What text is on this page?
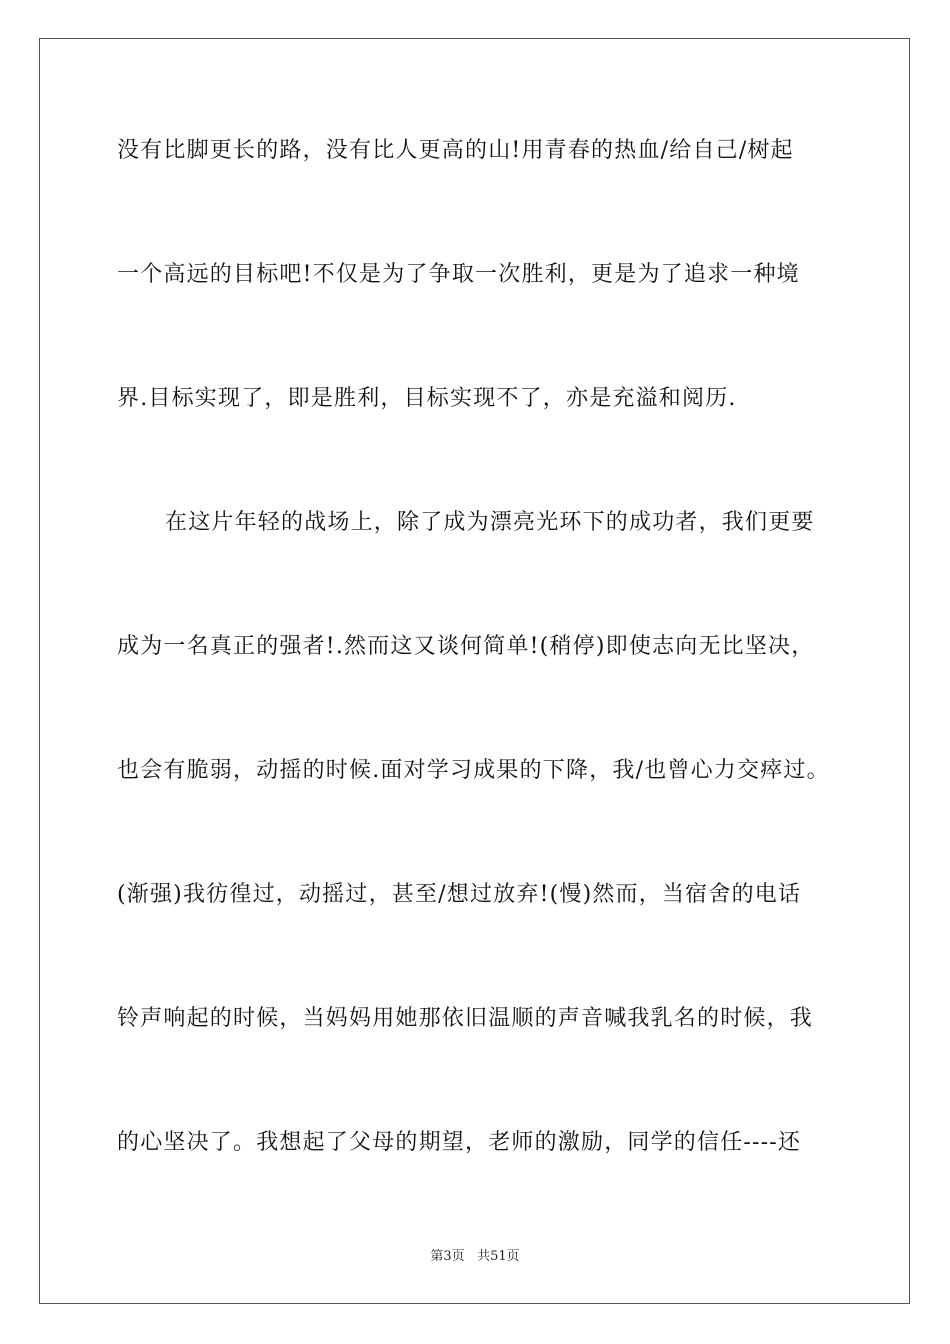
没有比脚更长的路，没有比人更高的山!用青春的热血/给自己/树起
一个高远的目标吧!不仅是为了争取一次胜利，更是为了追求一种境
界.目标实现了，即是胜利，目标实现不了，亦是充溢和阅历.
在这片年轻的战场上，除了成为漂亮光环下的成功者，我们更要
成为一名真正的强者!.然而这又谈何简单!(稍停)即使志向无比坚决，
也会有脆弱，动摇的时候.面对学习成果的下降，我/也曾心力交瘁过。
(渐强)我彷徨过，动摇过，甚至/想过放弃!(慢)然而，当宿舍的电话
铃声响起的时候，当妈妈用她那依旧温顺的声音喊我乳名的时候，我
的心坚决了。我想起了父母的期望，老师的激励，同学的信任----还
第3页 共51页
